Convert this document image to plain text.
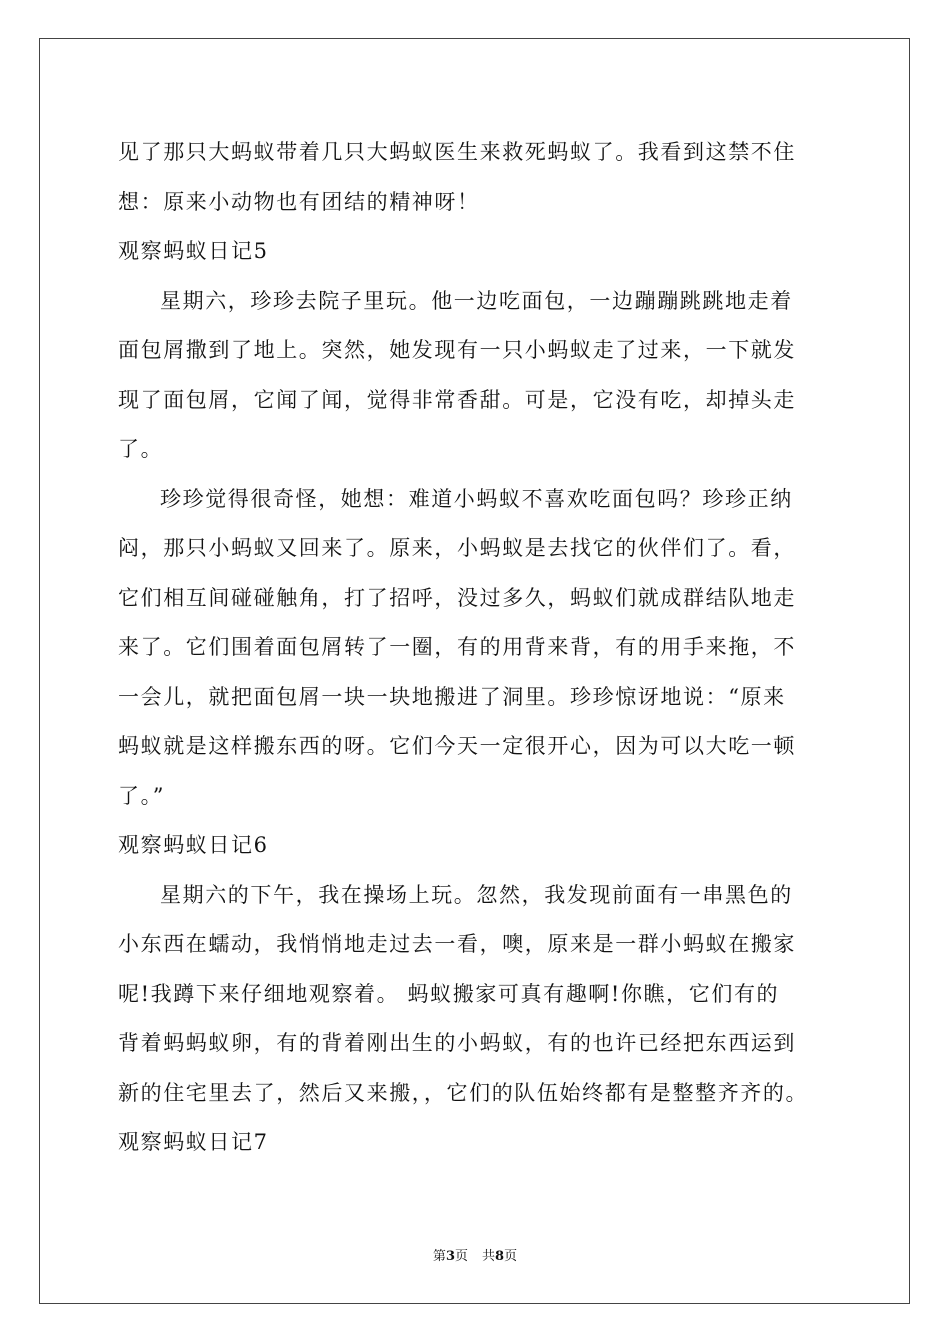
见了那只大蚂蚁带着几只大蚂蚁医生来救死蚂蚁了。我看到这禁不住
想：原来小动物也有团结的精神呀！
观察蚂蚁日记5
星期六，珍珍去院子里玩。他一边吃面包，一边蹦蹦跳跳地走着
面包屑撒到了地上。突然，她发现有一只小蚂蚁走了过来，一下就发
现了面包屑，它闻了闻，觉得非常香甜。可是，它没有吃，却掉头走
了。
珍珍觉得很奇怪，她想：难道小蚂蚁不喜欢吃面包吗？珍珍正纳
闷，那只小蚂蚁又回来了。原来，小蚂蚁是去找它的伙伴们了。看，
它们相互间碰碰触角，打了招呼，没过多久，蚂蚁们就成群结队地走
来了。它们围着面包屑转了一圈，有的用背来背，有的用手来拖，不
一会儿，就把面包屑一块一块地搬进了洞里。珍珍惊讶地说：“原来
蚂蚁就是这样搬东西的呀。它们今天一定很开心，因为可以大吃一顿
了。”
观察蚂蚁日记6
星期六的下午，我在操场上玩。忽然，我发现前面有一串黑色的
小东西在蠕动，我悄悄地走过去一看，噢，原来是一群小蚂蚁在搬家
呢!我蹲下来仔细地观察着。 蚂蚁搬家可真有趣啊!你瞧，它们有的
背着蚂蚂蚁卵，有的背着刚出生的小蚂蚁，有的也许已经把东西运到
新的住宅里去了，然后又来搬，，它们的队伍始终都有是整整齐齐的。
观察蚂蚁日记7
第3页 共8页
